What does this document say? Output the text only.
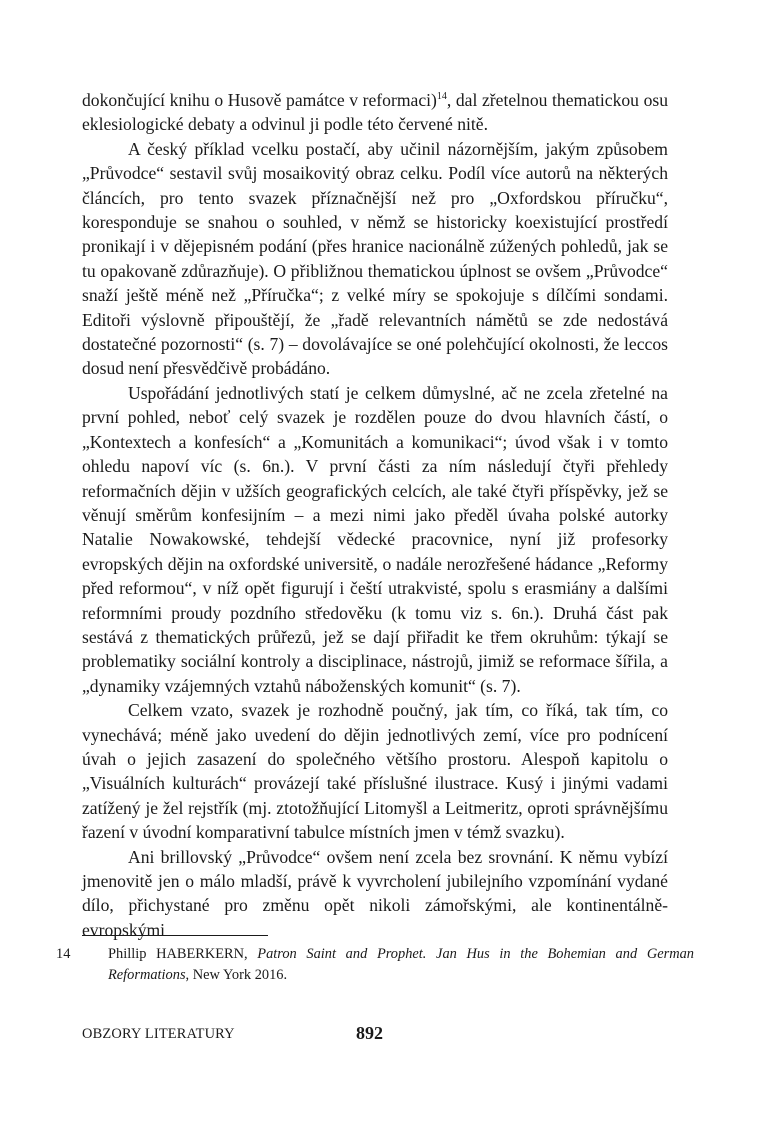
dokončující knihu o Husově památce v reformaci)$^{14}$, dal zřetelnou thematickou osu eklesiologické debaty a odvinul ji podle této červené nitě.

A český příklad vcelku postačí, aby učinil názornějším, jakým způsobem „Průvodce“ sestavil svůj mosaikovitý obraz celku. Podíl více autorů na některých článcích, pro tento svazek příznačnější než pro „Oxfordskou příručku“, koresponduje se snahou o souhled, v němž se historicky koexistující prostředí pronikají i v dějepisném podání (přes hranice nacionálně zúžených pohledů, jak se tu opakovaně zdůrazňuje). O přibližnou thematickou úplnost se ovšem „Průvodce“ snaží ještě méně než „Příručka“; z velké míry se spokojuje s dílčími sondami. Editoři výslovně připouštějí, že „řadě relevantních námětů se zde nedostává dostatečné pozornosti“ (s. 7) – dovolávajíce se oné polehčující okolnosti, že leccos dosud není přesvědčivě probádáno.

Uspořádání jednotlivých statí je celkem důmyslné, ač ne zcela zřetelné na první pohled, neboť celý svazek je rozdělen pouze do dvou hlavních částí, o „Kontextech a konfesích“ a „Komunitách a komunikaci“; úvod však i v tomto ohledu napoví víc (s. 6n.). V první části za ním následují čtyři přehledy reformačních dějin v užších geografických celcích, ale také čtyři příspěvky, jež se věnují směrům konfesijním – a mezi nimi jako předěl úvaha polské autorky Natalie Nowakowské, tehdejší vědecké pracovnice, nyní již profesorky evropských dějin na oxfordské universitě, o nadále nerozřešené hádance „Reformy před reformou“, v níž opět figurují i čeští utrakvisté, spolu s erasmiány a dalšími reformními proudy pozdního středověku (k tomu viz s. 6n.). Druhá část pak sestává z thematických průřezů, jež se dají přiřadit ke třem okruhům: týkají se problematiky sociální kontroly a disciplinace, nástrojů, jimiž se reformace šířila, a „dynamiky vzájemných vztahů náboženských komunit“ (s. 7).

Celkem vzato, svazek je rozhodně poučný, jak tím, co říká, tak tím, co vynechává; méně jako uvedení do dějin jednotlivých zemí, více pro podnícení úvah o jejich zasazení do společného většího prostoru. Alespoň kapitolu o „Visuálních kulturách“ provázejí také příslušné ilustrace. Kusý i jinými vadami zatížený je žel rejstřík (mj. ztotožňující Litomyšl a Leitmeritz, oproti správnějšímu řazení v úvodní komparativní tabulce místních jmen v témž svazku).

Ani brillovský „Průvodce“ ovšem není zcela bez srovnání. K němu vybízí jmenovitě jen o málo mladší, právě k vyvrcholení jubilejního vzpomínání vydané dílo, přichystané pro změnu opět nikoli zámořskými, ale kontinentálně-evropskými

14	Phillip HABERKERN, Patron Saint and Prophet. Jan Hus in the Bohemian and German Reformations, New York 2016.
OBZORY LITERATURY	892
